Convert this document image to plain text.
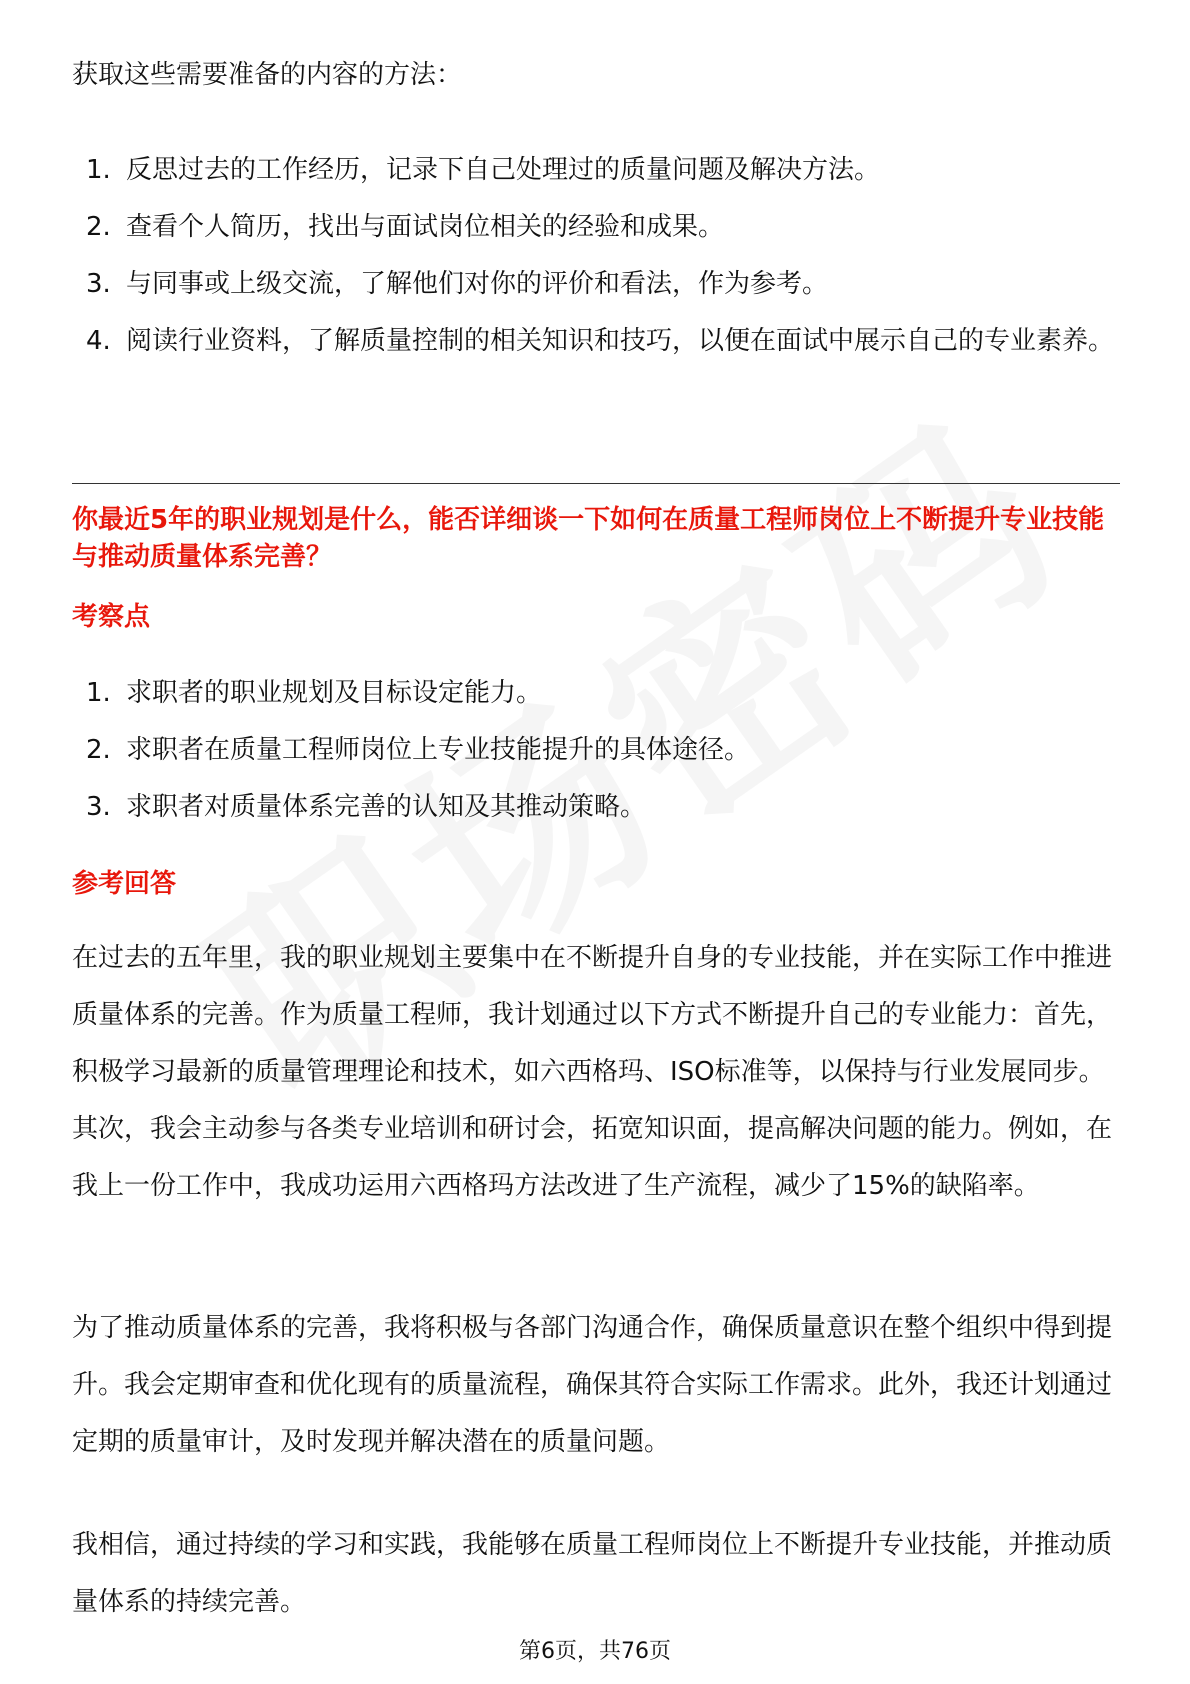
获取这些需要准备的内容的方法：

1. 反思过去的工作经历，记录下自己处理过的质量问题及解决方法。
2. 查看个人简历，找出与面试岗位相关的经验和成果。
3. 与同事或上级交流，了解他们对你的评价和看法，作为参考。
4. 阅读行业资料，了解质量控制的相关知识和技巧，以便在面试中展示自己的专业素养。
你最近5年的职业规划是什么，能否详细谈一下如何在质量工程师岗位上不断提升专业技能与推动质量体系完善？
考察点
1. 求职者的职业规划及目标设定能力。
2. 求职者在质量工程师岗位上专业技能提升的具体途径。
3. 求职者对质量体系完善的认知及其推动策略。
参考回答

在过去的五年里，我的职业规划主要集中在不断提升自身的专业技能，并在实际工作中推进质量体系的完善。作为质量工程师，我计划通过以下方式不断提升自己的专业能力：首先，积极学习最新的质量管理理论和技术，如六西格玛、ISO标准等，以保持与行业发展同步。其次，我会主动参与各类专业培训和研讨会，拓宽知识面，提高解决问题的能力。例如，在我上一份工作中，我成功运用六西格玛方法改进了生产流程，减少了15%的缺陷率。

为了推动质量体系的完善，我将积极与各部门沟通合作，确保质量意识在整个组织中得到提升。我会定期审查和优化现有的质量流程，确保其符合实际工作需求。此外，我还计划通过定期的质量审计，及时发现并解决潜在的质量问题。

我相信，通过持续的学习和实践，我能够在质量工程师岗位上不断提升专业技能，并推动质量体系的持续完善。

第6页，共76页
